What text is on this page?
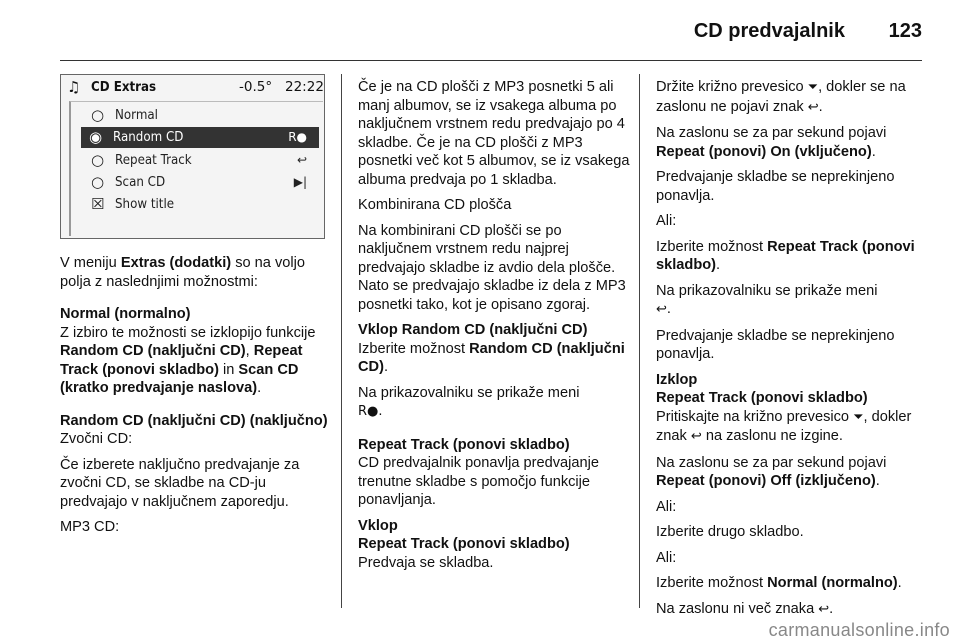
CD predvajalnik 123
♫ CD Extras	-0.5° 22:22
○ Normal
◉ Random CD	R●
○ Repeat Track	↩
○ Scan CD	▶|
☒ Show title

V meniju Extras (dodatki) so na voljo polja z naslednjimi možnostmi:

Normal (normalno)

Z izbiro te možnosti se izklopijo funkcije Random CD (naključni CD), Repeat Track (ponovi skladbo) in Scan CD (kratko predvajanje naslova).

Random CD (naključni CD) (naključno)

Zvočni CD:

Če izberete naključno predvajanje za zvočni CD, se skladbe na CD-ju predvajajo v naključnem zaporedju.

MP3 CD:

Če je na CD plošči z MP3 posnetki 5 ali manj albumov, se iz vsakega albuma po naključnem vrstnem redu predvajajo po 4 skladbe. Če je na CD plošči z MP3 posnetki več kot 5 albumov, se iz vsakega albuma predvaja po 1 skladba.

Kombinirana CD plošča

Na kombinirani CD plošči se po naključnem vrstnem redu najprej predvajajo skladbe iz avdio dela plošče. Nato se predvajajo skladbe iz dela z MP3 posnetki tako, kot je opisano zgoraj.

Vklop Random CD (naključni CD)

Izberite možnost Random CD (naključni CD).

Na prikazovalniku se prikaže meni
R●.

Repeat Track (ponovi skladbo)

CD predvajalnik ponavlja predvajanje trenutne skladbe s pomočjo funkcije ponavljanja.

Vklop
Repeat Track (ponovi skladbo)

Predvaja se skladba.

Držite križno prevesico ⏷, dokler se na zaslonu ne pojavi znak ↩.

Na zaslonu se za par sekund pojavi Repeat (ponovi) On (vključeno).

Predvajanje skladbe se neprekinjeno ponavlja.

Ali:

Izberite možnost Repeat Track (ponovi skladbo).

Na prikazovalniku se prikaže meni
↩.

Predvajanje skladbe se neprekinjeno ponavlja.

Izklop
Repeat Track (ponovi skladbo)

Pritiskajte na križno prevesico ⏷, dokler znak ↩ na zaslonu ne izgine.

Na zaslonu se za par sekund pojavi Repeat (ponovi) Off (izključeno).

Ali:

Izberite drugo skladbo.

Ali:

Izberite možnost Normal (normalno).

Na zaslonu ni več znaka ↩.

carmanualsonline.info
